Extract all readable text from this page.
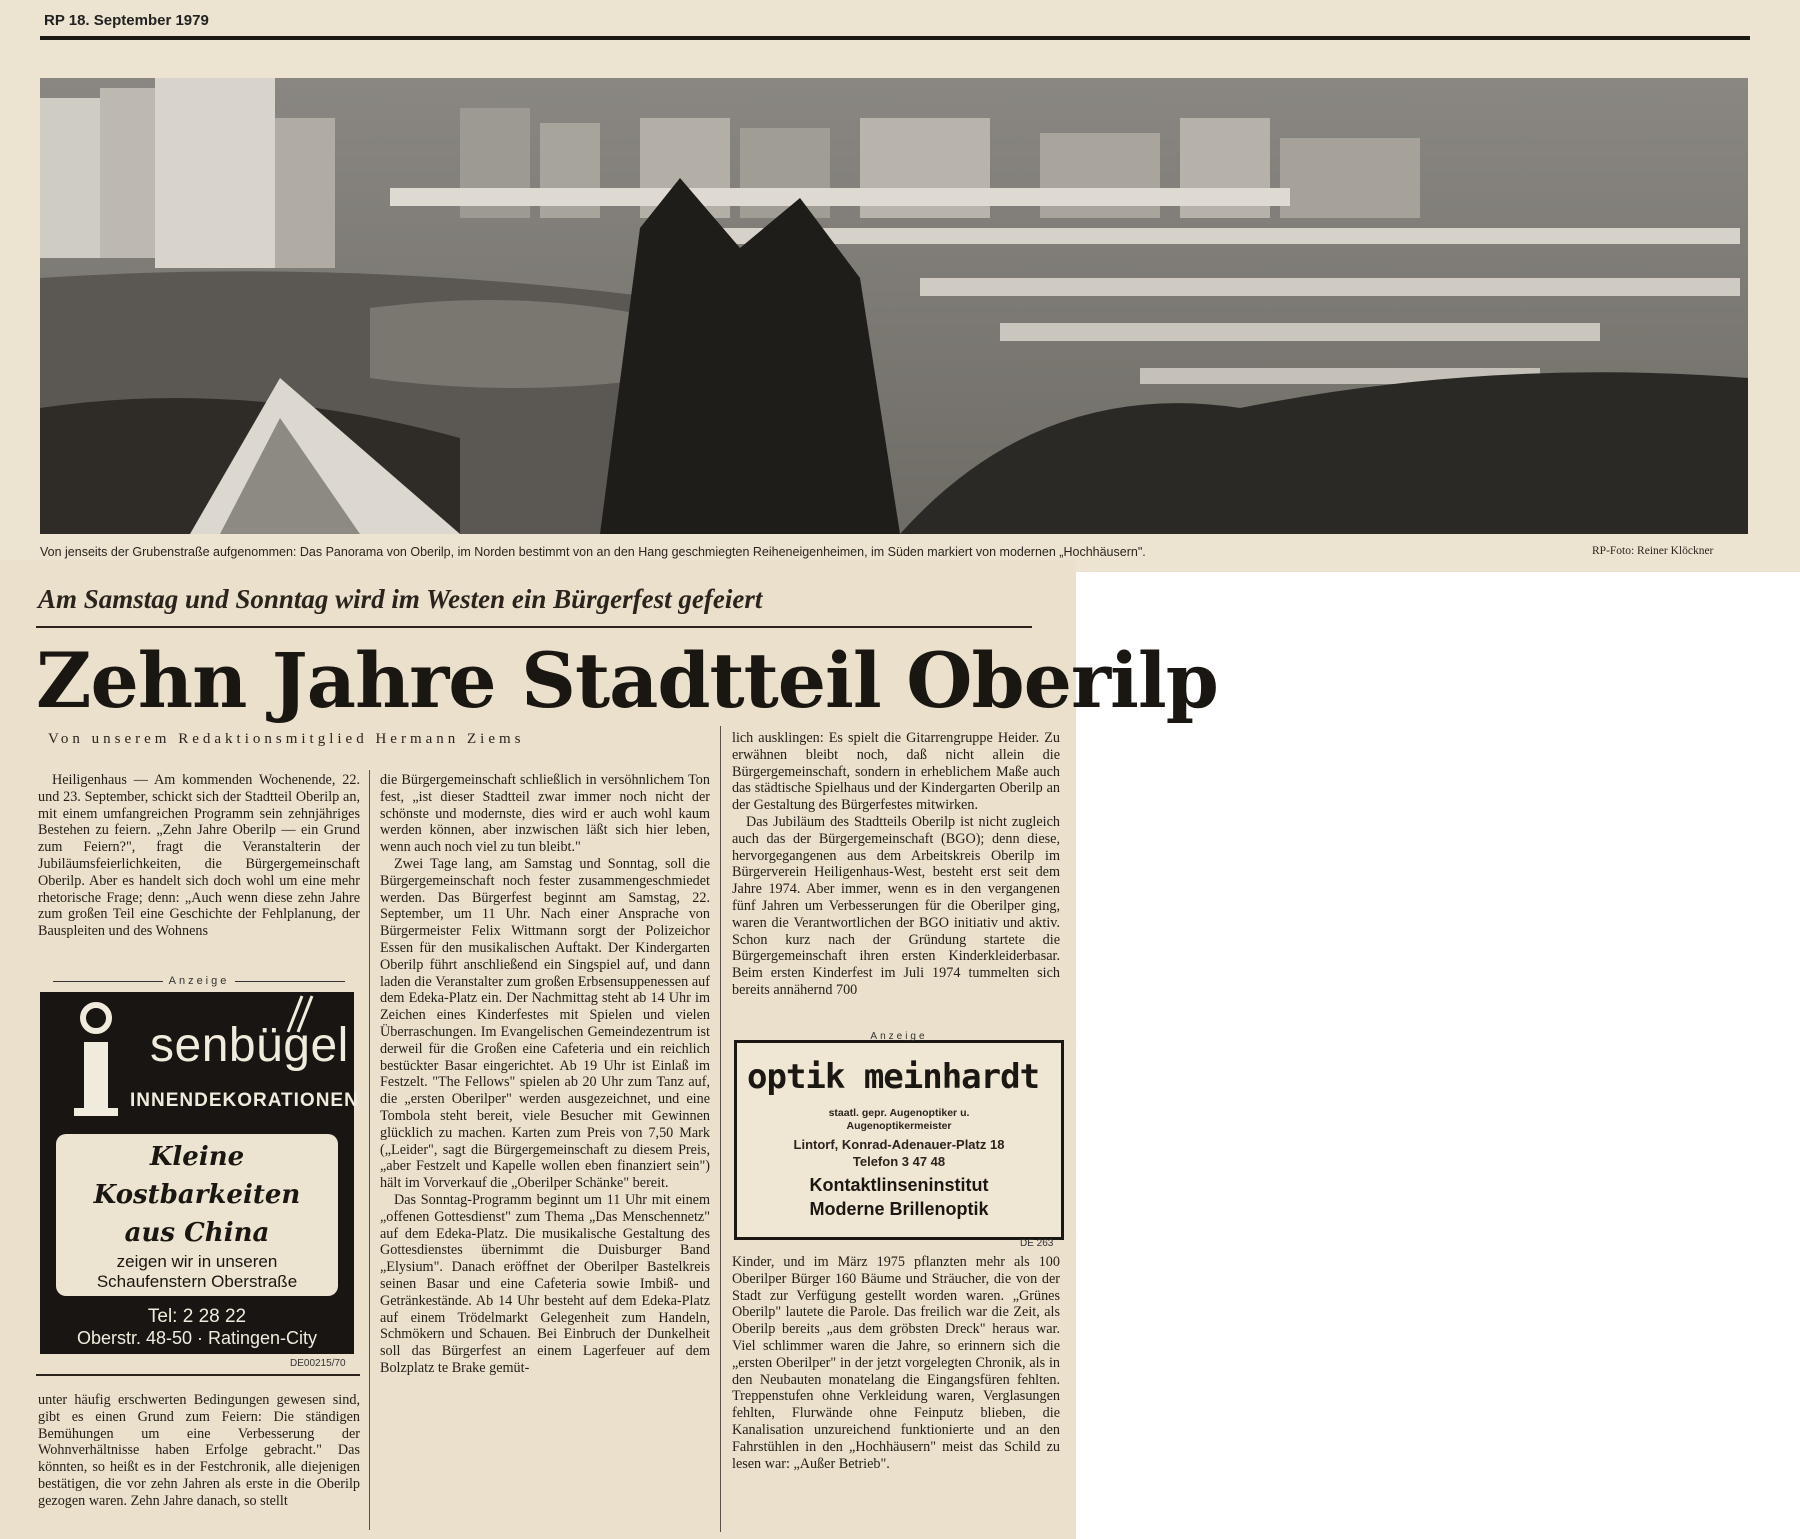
RP 18. September 1979
Von jenseits der Grubenstraße aufgenommen: Das Panorama von Oberilp, im Norden bestimmt von an den Hang geschmiegten Reiheneigenheimen, im Süden markiert von modernen „Hochhäusern".	RP-Foto: Reiner Klöckner
Am Samstag und Sonntag wird im Westen ein Bürgerfest gefeiert
Zehn Jahre Stadtteil Oberilp
Von unserem Redaktionsmitglied Hermann Ziems

Heiligenhaus — Am kommenden Wochenende, 22. und 23. September, schickt sich der Stadtteil Oberilp an, mit einem umfangreichen Programm sein zehnjähriges Bestehen zu feiern. „Zehn Jahre Oberilp — ein Grund zum Feiern?", fragt die Veranstalterin der Jubiläumsfeierlichkeiten, die Bürgergemeinschaft Oberilp. Aber es handelt sich doch wohl um eine mehr rhetorische Frage; denn: „Auch wenn diese zehn Jahre zum großen Teil eine Geschichte der Fehlplanung, der Bauspleiten und des Wohnens

Anzeige
senbügel
INNENDEKORATIONEN
Kleine
Kostbarkeiten
aus China
zeigen wir in unseren
Schaufenstern Oberstraße
Tel: 2 28 22
Oberstr. 48-50 · Ratingen-City
DE00215/70

unter häufig erschwerten Bedingungen gewesen sind, gibt es einen Grund zum Feiern: Die ständigen Bemühungen um eine Verbesserung der Wohnverhältnisse haben Erfolge gebracht." Das könnten, so heißt es in der Festchronik, alle diejenigen bestätigen, die vor zehn Jahren als erste in die Oberilp gezogen waren. Zehn Jahre danach, so stellt

die Bürgergemeinschaft schließlich in versöhnlichem Ton fest, „ist dieser Stadtteil zwar immer noch nicht der schönste und modernste, dies wird er auch wohl kaum werden können, aber inzwischen läßt sich hier leben, wenn auch noch viel zu tun bleibt."

Zwei Tage lang, am Samstag und Sonntag, soll die Bürgergemeinschaft noch fester zusammengeschmiedet werden. Das Bürgerfest beginnt am Samstag, 22. September, um 11 Uhr. Nach einer Ansprache von Bürgermeister Felix Wittmann sorgt der Polizeichor Essen für den musikalischen Auftakt. Der Kindergarten Oberilp führt anschließend ein Singspiel auf, und dann laden die Veranstalter zum großen Erbsensuppenessen auf dem Edeka-Platz ein. Der Nachmittag steht ab 14 Uhr im Zeichen eines Kinderfestes mit Spielen und vielen Überraschungen. Im Evangelischen Gemeindezentrum ist derweil für die Großen eine Cafeteria und ein reichlich bestückter Basar eingerichtet. Ab 19 Uhr ist Einlaß im Festzelt. "The Fellows" spielen ab 20 Uhr zum Tanz auf, die „ersten Oberilper" werden ausgezeichnet, und eine Tombola steht bereit, viele Besucher mit Gewinnen glücklich zu machen. Karten zum Preis von 7,50 Mark („Leider", sagt die Bürgergemeinschaft zu diesem Preis, „aber Festzelt und Kapelle wollen eben finanziert sein") hält im Vorverkauf die „Oberilper Schänke" bereit.

Das Sonntag-Programm beginnt um 11 Uhr mit einem „offenen Gottesdienst" zum Thema „Das Menschennetz" auf dem Edeka-Platz. Die musikalische Gestaltung des Gottesdienstes übernimmt die Duisburger Band „Elysium". Danach eröffnet der Oberilper Bastelkreis seinen Basar und eine Cafeteria sowie Imbiß- und Getränkestände. Ab 14 Uhr besteht auf dem Edeka-Platz auf einem Trödelmarkt Gelegenheit zum Handeln, Schmökern und Schauen. Bei Einbruch der Dunkelheit soll das Bürgerfest an einem Lagerfeuer auf dem Bolzplatz te Brake gemüt-

lich ausklingen: Es spielt die Gitarrengruppe Heider. Zu erwähnen bleibt noch, daß nicht allein die Bürgergemeinschaft, sondern in erheblichem Maße auch das städtische Spielhaus und der Kindergarten Oberilp an der Gestaltung des Bürgerfestes mitwirken.

Das Jubiläum des Stadtteils Oberilp ist nicht zugleich auch das der Bürgergemeinschaft (BGO); denn diese, hervorgegangenen aus dem Arbeitskreis Oberilp im Bürgerverein Heiligenhaus-West, besteht erst seit dem Jahre 1974. Aber immer, wenn es in den vergangenen fünf Jahren um Verbesserungen für die Oberilper ging, waren die Verantwortlichen der BGO initiativ und aktiv. Schon kurz nach der Gründung startete die Bürgergemeinschaft ihren ersten Kinderkleiderbasar. Beim ersten Kinderfest im Juli 1974 tummelten sich bereits annähernd 700

Anzeige
optik meinhardt
staatl. gepr. Augenoptiker u.
Augenoptikermeister
Lintorf, Konrad-Adenauer-Platz 18
Telefon 3 47 48
Kontaktlinseninstitut
Moderne Brillenoptik
DE 263

Kinder, und im März 1975 pflanzten mehr als 100 Oberilper Bürger 160 Bäume und Sträucher, die von der Stadt zur Verfügung gestellt worden waren. „Grünes Oberilp" lautete die Parole. Das freilich war die Zeit, als Oberilp bereits „aus dem gröbsten Dreck" heraus war. Viel schlimmer waren die Jahre, so erinnern sich die „ersten Oberilper" in der jetzt vorgelegten Chronik, als in den Neubauten monatelang die Eingangsfüren fehlten. Treppenstufen ohne Verkleidung waren, Verglasungen fehlten, Flurwände ohne Feinputz blieben, die Kanalisation unzureichend funktionierte und an den Fahrstühlen in den „Hochhäusern" meist das Schild zu lesen war: „Außer Betrieb".
